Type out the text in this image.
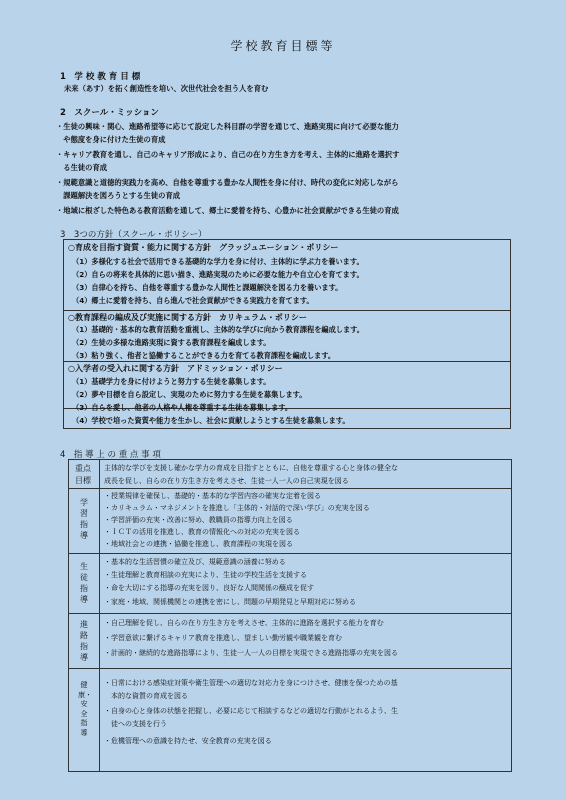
学校教育目標等
1　学 校 教 育 目 標
未来（あす）を拓く創造性を培い、次世代社会を担う人を育む
2　スクール・ミッション
・生徒の興味・関心、進路希望等に応じて設定した科目群の学習を通じて、進路実現に向けて必要な能力
　や態度を身に付けた生徒の育成
・キャリア教育を通し、自己のキャリア形成により、自己の在り方生き方を考え、主体的に進路を選択す
　る生徒の育成
・規範意識と道徳的実践力を高め、自他を尊重する豊かな人間性を身に付け、時代の変化に対応しながら
　課題解決を図ろうとする生徒の育成
・地域に根ざした特色ある教育活動を通して、郷土に愛着を持ち、心豊かに社会貢献ができる生徒の育成
3　3つの方針（スクール・ポリシー）
○育成を目指す資質・能力に関する方針　グラッジュエーション・ポリシー
（1）多様化する社会で活用できる基礎的な学力を身に付け、主体的に学ぶ力を養います。
（2）自らの将来を具体的に思い描き、進路実現のために必要な能力や自立心を育てます。
（3）自律心を持ち、自他を尊重する豊かな人間性と課題解決を図る力を養います。
（4）郷土に愛着を持ち、自ら進んで社会貢献ができる実践力を育てます。
○教育課程の編成及び実施に関する方針　カリキュラム・ポリシー
（1）基礎的・基本的な教育活動を重視し、主体的な学びに向かう教育課程を編成します。
（2）生徒の多様な進路実現に資する教育課程を編成します。
（3）粘り強く、他者と協働することができる力を育てる教育課程を編成します。
○入学者の受入れに関する方針　アドミッション・ポリシー
（1）基礎学力を身に付けようと努力する生徒を募集します。
（2）夢や目標を自ら設定し、実現のために努力する生徒を募集します。
（3）自らを愛し、他者の人格や人権を尊重する生徒を募集します。
（4）学校で培った資質や能力を生かし、社会に貢献しようとする生徒を募集します。
4　指 導 上 の 重 点 事 項
重点
目標
主体的な学びを支援し確かな学力の育成を目指すとともに、自他を尊重する心と身体の健全な
成長を促し、自らの在り方生き方を考えさせ、生徒一人一人の自己実現を図る
学習指導
・授業規律を確保し、基礎的・基本的な学習内容の確実な定着を図る
・カリキュラム・マネジメントを推進し「主体的・対話的で深い学び」の充実を図る
・学習評価の充実・改善に努め、教職員の指導力向上を図る
・ＩＣＴの活用を推進し、教育の情報化への対応の充実を図る
・地域社会との連携・協働を推進し、教育課程の実現を図る
生徒指導
・基本的な生活習慣の確立及び、規範意識の涵養に努める
・生徒理解と教育相談の充実により、生徒の学校生活を支援する
・命を大切にする指導の充実を図り、良好な人間関係の醸成を促す
・家庭・地域、関係機関との連携を密にし、問題の早期発見と早期対応に努める
進路指導
・自己理解を促し、自らの在り方生き方を考えさせ、主体的に進路を選択する能力を育む
・学習意欲に繋げるキャリア教育を推進し、望ましい勤労観や職業観を育む
・計画的・継続的な進路指導により、生徒一人一人の目標を実現できる進路指導の充実を図る
健康・安全指導
・日常における感染症対策や衛生管理への適切な対応力を身につけさせ、健康を保つための基
　本的な資質の育成を図る
・自身の心と身体の状態を把握し、必要に応じて相談するなどの適切な行動がとれるよう、生
　徒への支援を行う
・危機管理への意識を持たせ、安全教育の充実を図る
